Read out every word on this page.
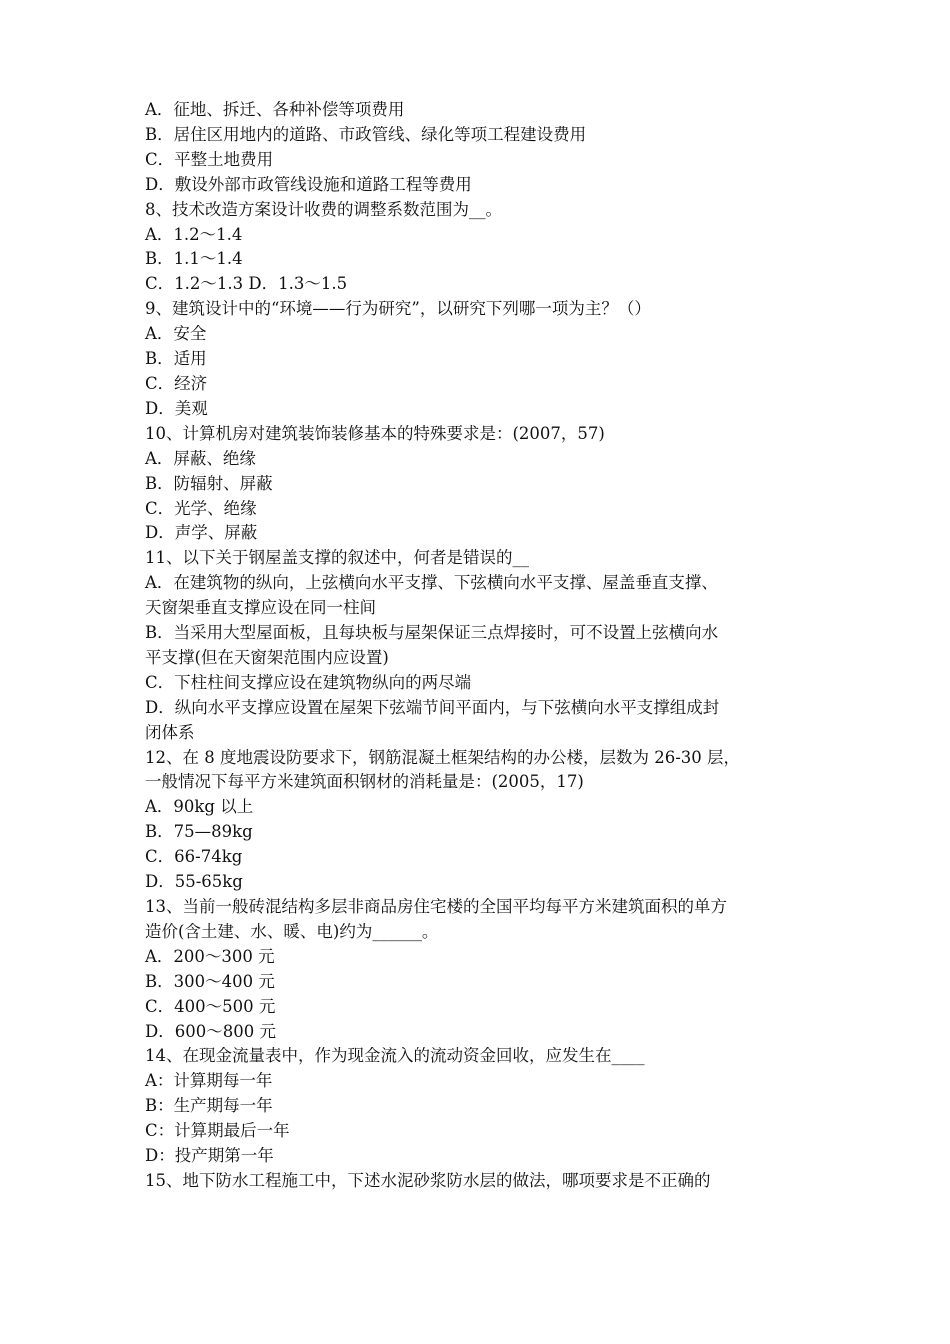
A．征地、拆迁、各种补偿等项费用
B．居住区用地内的道路、市政管线、绿化等项工程建设费用
C．平整土地费用
D．敷设外部市政管线设施和道路工程等费用
8、技术改造方案设计收费的调整系数范围为__。
A．1.2～1.4
B．1.1～1.4
C．1.2～1.3 D．1.3～1.5
9、建筑设计中的“环境——行为研究”，以研究下列哪一项为主？（）
A．安全
B．适用
C．经济
D．美观
10、计算机房对建筑装饰装修基本的特殊要求是：(2007，57)
A．屏蔽、绝缘
B．防辐射、屏蔽
C．光学、绝缘
D．声学、屏蔽
11、以下关于钢屋盖支撑的叙述中，何者是错误的__
A．在建筑物的纵向，上弦横向水平支撑、下弦横向水平支撑、屋盖垂直支撑、
天窗架垂直支撑应设在同一柱间
B．当采用大型屋面板，且每块板与屋架保证三点焊接时，可不设置上弦横向水
平支撑(但在天窗架范围内应设置)
C．下柱柱间支撑应设在建筑物纵向的两尽端
D．纵向水平支撑应设置在屋架下弦端节间平面内，与下弦横向水平支撑组成封
闭体系
12、在 8 度地震设防要求下，钢筋混凝土框架结构的办公楼，层数为 26-30 层，
一般情况下每平方米建筑面积钢材的消耗量是：(2005，17)
A．90kg 以上
B．75—89kg
C．66-74kg
D．55-65kg
13、当前一般砖混结构多层非商品房住宅楼的全国平均每平方米建筑面积的单方
造价(含土建、水、暖、电)约为______。
A．200～300 元
B．300～400 元
C．400～500 元
D．600～800 元
14、在现金流量表中，作为现金流入的流动资金回收，应发生在____
A：计算期每一年
B：生产期每一年
C：计算期最后一年
D：投产期第一年
15、地下防水工程施工中，下述水泥砂浆防水层的做法，哪项要求是不正确的
